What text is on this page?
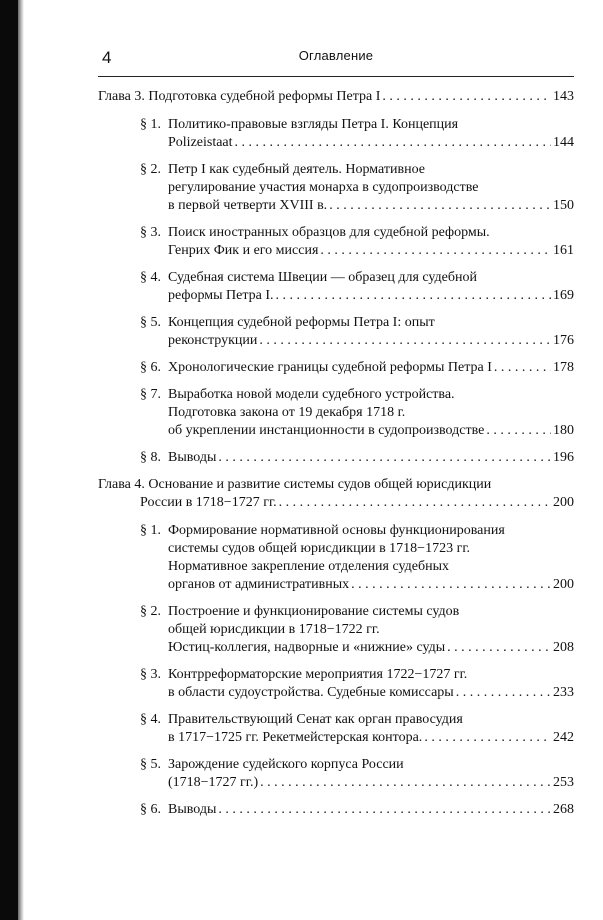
4	Оглавление
Глава 3. Подготовка судебной реформы Петра I . . .	143
§ 1. Политико-правовые взгляды Петра I. Концепция
Polizeistaat . . .	144
§ 2. Петр I как судебный деятель. Нормативное
регулирование участия монарха в судопроизводстве
в первой четверти XVIII в. . . .	150
§ 3. Поиск иностранных образцов для судебной реформы.
Генрих Фик и его миссия . . .	161
§ 4. Судебная система Швеции — образец для судебной
реформы Петра I. . . .	169
§ 5. Концепция судебной реформы Петра I: опыт
реконструкции . . .	176
§ 6. Хронологические границы судебной реформы Петра I . . .	178
§ 7. Выработка новой модели судебного устройства.
Подготовка закона от 19 декабря 1718 г.
об укреплении инстанционности в судопроизводстве . . .	180
§ 8. Выводы . . .	196
Глава 4. Основание и развитие системы судов общей юрисдикции
России в 1718−1727 гг. . . .	200
§ 1. Формирование нормативной основы функционирования
системы судов общей юрисдикции в 1718−1723 гг.
Нормативное закрепление отделения судебных
органов от административных . . .	200
§ 2. Построение и функционирование системы судов
общей юрисдикции в 1718−1722 гг.
Юстиц-коллегия, надворные и «нижние» суды . . .	208
§ 3. Контрреформаторские мероприятия 1722−1727 гг.
в области судоустройства. Судебные комиссары . . .	233
§ 4. Правительствующий Сенат как орган правосудия
в 1717−1725 гг. Рекетмейстерская контора. . . .	242
§ 5. Зарождение судейского корпуса России
(1718−1727 гг.) . . .	253
§ 6. Выводы . . .	268
